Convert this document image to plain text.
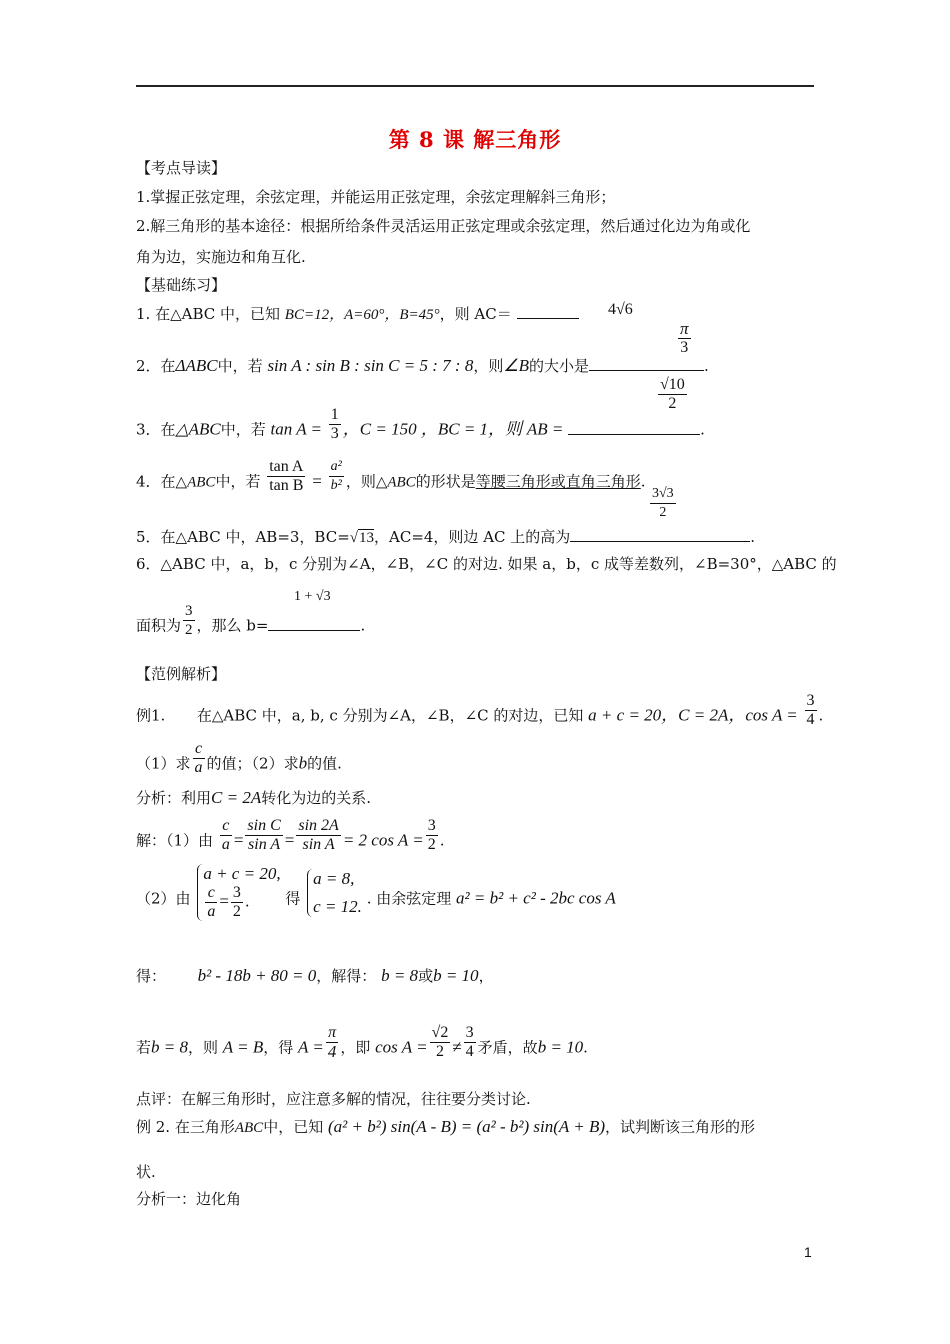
第 8 课 解三角形
【考点导读】
1.掌握正弦定理，余弦定理，并能运用正弦定理，余弦定理解斜三角形；
2.解三角形的基本途径：根据所给条件灵活运用正弦定理或余弦定理，然后通过化边为角或化
角为边，实施边和角互化.
【基础练习】
1. 在△ABC 中，已知 BC=12，A=60°，B=45°，则 AC＝	4√6
$\frac{\pi}{3}$
2．在ΔABC中，若 sin A : sin B : sin C = 5 : 7 : 8，则∠B的大小是	.
$\frac{√10}{2}$
3．在△ABC中，若 $\tan A = \frac{1}{3}$ ，C = 150 ，BC = 1，则 AB =	.
4．在△ABC中，若 $\frac{\text{tan A}}{\text{tan B}} = \frac{\text{a²}}{\text{b²}}$ ，则△ABC的形状是等腰三角形或直角三角形.
$\frac{3√3}{2}$
5．在△ABC 中，AB=3，BC=√13，AC=4，则边 AC 上的高为	.
6．△ABC 中，a，b，c 分别为∠A，∠B，∠C 的对边. 如果 a，b，c 成等差数列，∠B=30°，△ABC 的
1 + √3
面积为 $\frac{3}{2}$ ，那么 b=	.
【范例解析】
例1. 在△ABC 中，a, b, c 分别为∠A，∠B，∠C 的对边，已知 a + c = 20，C = 2A，$\cos A = \frac{3}{4}$ .
（1）求 $\frac{c}{a}$ 的值；（2）求b的值.
分析：利用C = 2A转化为边的关系.
解：（1）由 $\frac{c}{a} = \frac{\text{sin C}}{\text{sin A}} = \frac{\sin 2A}{\text{sin A}} = 2$ $\cos A = \frac{3}{2}$ .
（2）由
a + c = 20,
$\frac{c}{a} = \frac{3}{2}$ .	得
a = 8,
c = 12. . 由余弦定理 a² = b² + c² - 2bc cos A
得： b² - 18b + 80 = 0，解得： b = 8或b = 10，
若b = 8，则 A = B，得 $A = \frac{\pi}{4}$ ，即 $\cos A = \frac{√2}{2} \ne \frac{3}{4}$ 矛盾，故b = 10.
点评：在解三角形时，应注意多解的情况，往往要分类讨论.
例 2. 在三角形ABC中，已知 (a² + b²) sin(A - B) = (a² - b²) sin(A + B)，试判断该三角形的形
状.
分析一：边化角
1
